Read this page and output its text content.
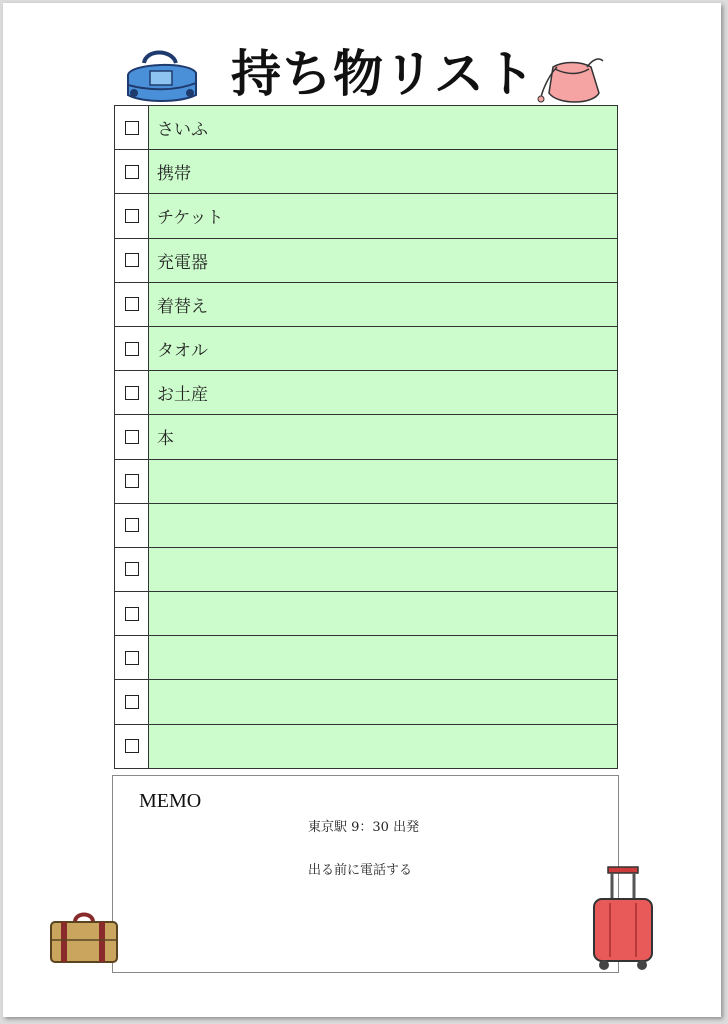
持ち物リスト
さいふ
携帯
チケット
充電器
着替え
タオル
お土産
本
MEMO
東京駅 9：30 出発
出る前に電話する
